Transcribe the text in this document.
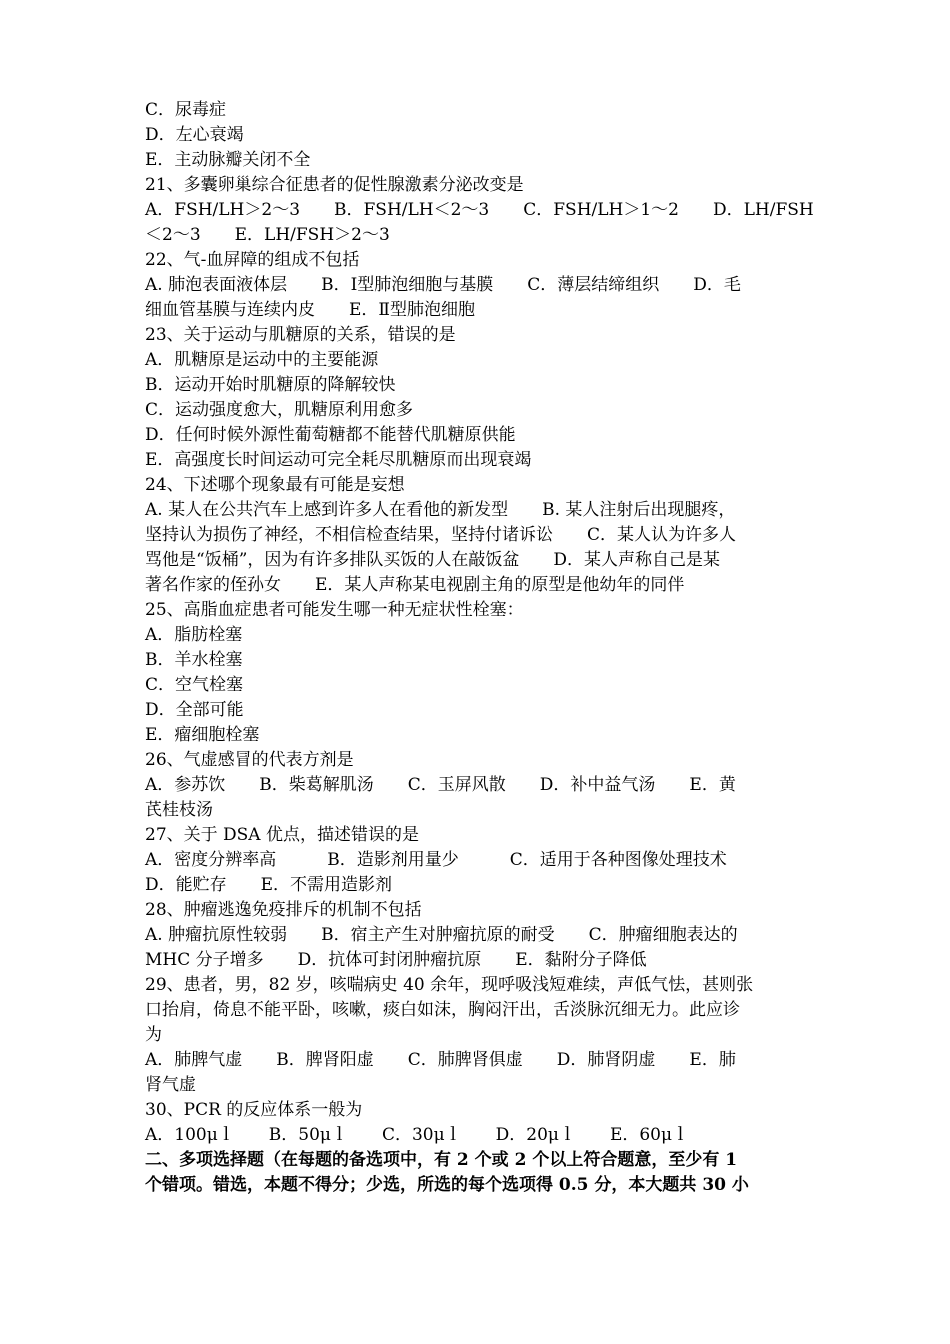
C．尿毒症
D．左心衰竭
E．主动脉瓣关闭不全
21、多囊卵巢综合征患者的促性腺激素分泌改变是
A．FSH/LH＞2～3　　B．FSH/LH＜2～3　　C．FSH/LH＞1～2　　D．LH/FSH
＜2～3　　E．LH/FSH＞2～3
22、气-血屏障的组成不包括
A. 肺泡表面液体层　　B．Ⅰ型肺泡细胞与基膜　　C．薄层结缔组织　　D．毛
细血管基膜与连续内皮　　E．Ⅱ型肺泡细胞
23、关于运动与肌糖原的关系，错误的是
A．肌糖原是运动中的主要能源
B．运动开始时肌糖原的降解较快
C．运动强度愈大，肌糖原利用愈多
D．任何时候外源性葡萄糖都不能替代肌糖原供能
E．高强度长时间运动可完全耗尽肌糖原而出现衰竭
24、下述哪个现象最有可能是妄想
A. 某人在公共汽车上感到许多人在看他的新发型　　B. 某人注射后出现腿疼，
坚持认为损伤了神经，不相信检查结果，坚持付诸诉讼　　C．某人认为许多人
骂他是“饭桶”，因为有许多排队买饭的人在敲饭盆　　D．某人声称自己是某
著名作家的侄孙女　　E．某人声称某电视剧主角的原型是他幼年的同伴
25、高脂血症患者可能发生哪一种无症状性栓塞：
A．脂肪栓塞
B．羊水栓塞
C．空气栓塞
D．全部可能
E．瘤细胞栓塞
26、气虚感冒的代表方剂是
A．参苏饮　　B．柴葛解肌汤　　C．玉屏风散　　D．补中益气汤　　E．黄
芪桂枝汤
27、关于 DSA 优点，描述错误的是
A．密度分辨率高　　　B．造影剂用量少　　　C．适用于各种图像处理技术
D．能贮存　　E．不需用造影剂
28、肿瘤逃逸免疫排斥的机制不包括
A. 肿瘤抗原性较弱　　B．宿主产生对肿瘤抗原的耐受　　C．肿瘤细胞表达的
MHC 分子增多　　D．抗体可封闭肿瘤抗原　　E．黏附分子降低
29、患者，男，82 岁，咳喘病史 40 余年，现呼吸浅短难续，声低气怯，甚则张
口抬肩，倚息不能平卧，咳嗽，痰白如沫，胸闷汗出，舌淡脉沉细无力。此应诊
为
A．肺脾气虚　　B．脾肾阳虚　　C．肺脾肾俱虚　　D．肺肾阴虚　　E．肺
肾气虚
30、PCR 的反应体系一般为
A．100μｌ　　B．50μｌ　　C．30μｌ　　D．20μｌ　　E．60μｌ
二、多项选择题（在每题的备选项中，有 2 个或 2 个以上符合题意，至少有 1
个错项。错选，本题不得分；少选，所选的每个选项得 0.5 分，本大题共 30 小
